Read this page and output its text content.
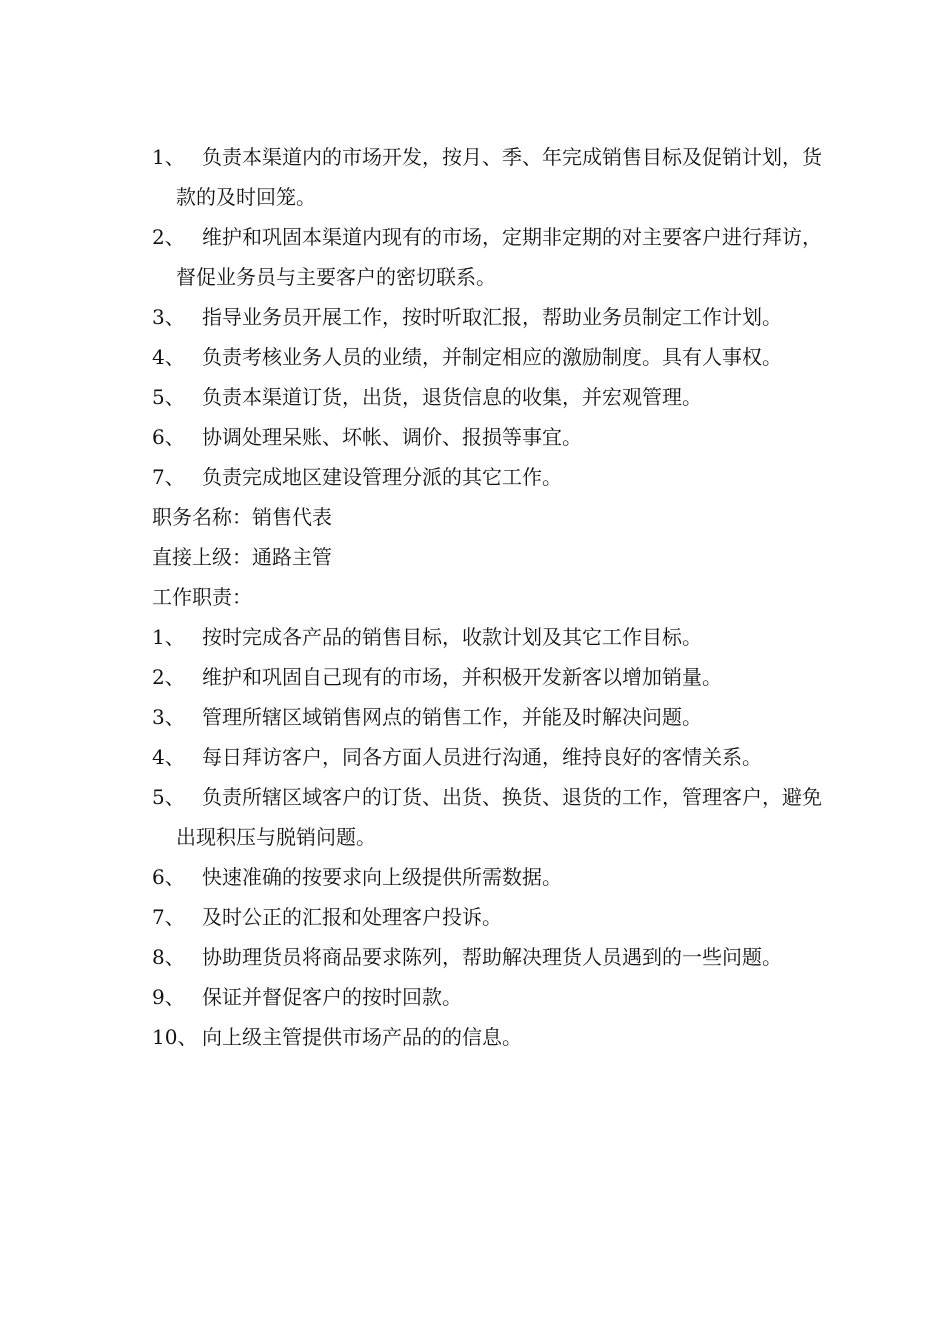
1、 负责本渠道内的市场开发，按月、季、年完成销售目标及促销计划，货款的及时回笼。
2、 维护和巩固本渠道内现有的市场，定期非定期的对主要客户进行拜访，督促业务员与主要客户的密切联系。
3、 指导业务员开展工作，按时听取汇报，帮助业务员制定工作计划。
4、 负责考核业务人员的业绩，并制定相应的激励制度。具有人事权。
5、 负责本渠道订货，出货，退货信息的收集，并宏观管理。
6、 协调处理呆账、坏帐、调价、报损等事宜。
7、 负责完成地区建设管理分派的其它工作。
职务名称：销售代表
直接上级：通路主管
工作职责：
1、 按时完成各产品的销售目标，收款计划及其它工作目标。
2、 维护和巩固自己现有的市场，并积极开发新客以增加销量。
3、 管理所辖区域销售网点的销售工作，并能及时解决问题。
4、 每日拜访客户，同各方面人员进行沟通，维持良好的客情关系。
5、 负责所辖区域客户的订货、出货、换货、退货的工作，管理客户，避免出现积压与脱销问题。
6、 快速准确的按要求向上级提供所需数据。
7、 及时公正的汇报和处理客户投诉。
8、 协助理货员将商品要求陈列，帮助解决理货人员遇到的一些问题。
9、 保证并督促客户的按时回款。
10、 向上级主管提供市场产品的的信息。
